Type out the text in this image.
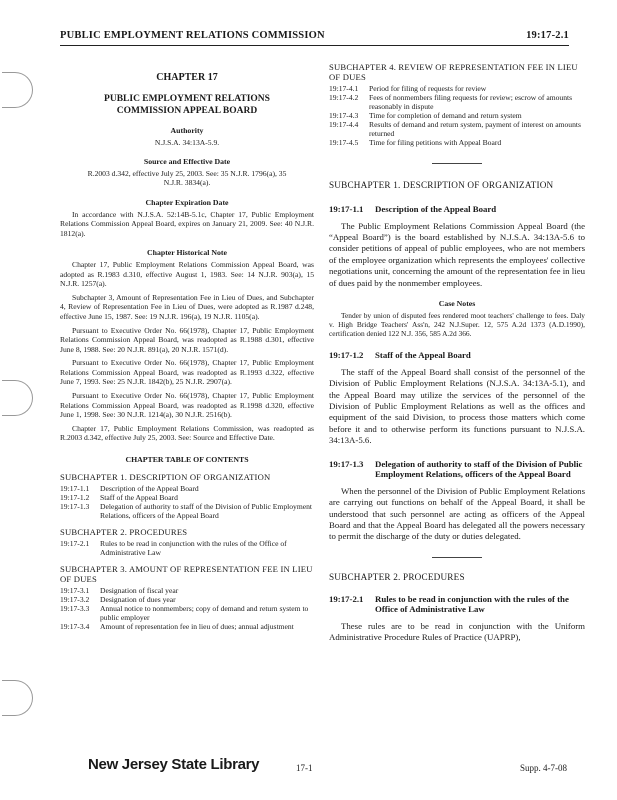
PUBLIC EMPLOYMENT RELATIONS COMMISSION	19:17-2.1
CHAPTER 17
PUBLIC EMPLOYMENT RELATIONS COMMISSION APPEAL BOARD
Authority
N.J.S.A. 34:13A-5.9.
Source and Effective Date
R.2003 d.342, effective July 25, 2003. See: 35 N.J.R. 1796(a), 35 N.J.R. 3834(a).
Chapter Expiration Date

In accordance with N.J.S.A. 52:14B-5.1c, Chapter 17, Public Employment Relations Commission Appeal Board, expires on January 21, 2009. See: 40 N.J.R. 1812(a).

Chapter Historical Note

Chapter 17, Public Employment Relations Commission Appeal Board, was adopted as R.1983 d.310, effective August 1, 1983. See: 14 N.J.R. 903(a), 15 N.J.R. 1257(a).

Subchapter 3, Amount of Representation Fee in Lieu of Dues, and Subchapter 4, Review of Representation Fee in Lieu of Dues, were adopted as R.1987 d.248, effective June 15, 1987. See: 19 N.J.R. 196(a), 19 N.J.R. 1105(a).

Pursuant to Executive Order No. 66(1978), Chapter 17, Public Employment Relations Commission Appeal Board, was readopted as R.1988 d.301, effective June 8, 1988. See: 20 N.J.R. 891(a), 20 N.J.R. 1571(d).

Pursuant to Executive Order No. 66(1978), Chapter 17, Public Employment Relations Commission Appeal Board, was readopted as R.1993 d.322, effective June 7, 1993. See: 25 N.J.R. 1842(b), 25 N.J.R. 2907(a).

Pursuant to Executive Order No. 66(1978), Chapter 17, Public Employment Relations Commission Appeal Board, was readopted as R.1998 d.320, effective June 1, 1998. See: 30 N.J.R. 1214(a), 30 N.J.R. 2516(b).

Chapter 17, Public Employment Relations Commission, was readopted as R.2003 d.342, effective July 25, 2003. See: Source and Effective Date.

CHAPTER TABLE OF CONTENTS
SUBCHAPTER 1. DESCRIPTION OF ORGANIZATION
19:17-1.1	Description of the Appeal Board
19:17-1.2	Staff of the Appeal Board
19:17-1.3	Delegation of authority to staff of the Division of Public Employment Relations, officers of the Appeal Board
SUBCHAPTER 2. PROCEDURES
19:17-2.1	Rules to be read in conjunction with the rules of the Office of Administrative Law
SUBCHAPTER 3. AMOUNT OF REPRESENTATION FEE IN LIEU OF DUES
19:17-3.1	Designation of fiscal year
19:17-3.2	Designation of dues year
19:17-3.3	Annual notice to nonmembers; copy of demand and return system to public employer
19:17-3.4	Amount of representation fee in lieu of dues; annual adjustment
SUBCHAPTER 4. REVIEW OF REPRESENTATION FEE IN LIEU OF DUES
19:17-4.1	Period for filing of requests for review
19:17-4.2	Fees of nonmembers filing requests for review; escrow of amounts reasonably in dispute
19:17-4.3	Time for completion of demand and return system
19:17-4.4	Results of demand and return system, payment of interest on amounts returned
19:17-4.5	Time for filing petitions with Appeal Board
SUBCHAPTER 1. DESCRIPTION OF ORGANIZATION
19:17-1.1	Description of the Appeal Board

The Public Employment Relations Commission Appeal Board (the “Appeal Board”) is the board established by N.J.S.A. 34:13A-5.6 to consider petitions of appeal of public employees, who are not members of the employee organization which represents the employees' collective negotiations unit, concerning the amount of the representation fee in lieu of dues paid by the nonmember employees.

Case Notes

Tender by union of disputed fees rendered moot teachers' challenge to fees. Daly v. High Bridge Teachers' Ass'n, 242 N.J.Super. 12, 575 A.2d 1373 (A.D.1990), certification denied 122 N.J. 356, 585 A.2d 366.

19:17-1.2	Staff of the Appeal Board

The staff of the Appeal Board shall consist of the personnel of the Division of Public Employment Relations (N.J.S.A. 34:13A-5.1), and the Appeal Board may utilize the services of the personnel of the Division of Public Employment Relations as well as the offices and equipment of the said Division, to process those matters which come before it and to otherwise perform its functions pursuant to N.J.S.A. 34:13A-5.6.

19:17-1.3	Delegation of authority to staff of the Division of Public Employment Relations, officers of the Appeal Board

When the personnel of the Division of Public Employment Relations are carrying out functions on behalf of the Appeal Board, it shall be understood that such personnel are acting as officers of the Appeal Board and that the Appeal Board has delegated all the powers necessary to permit the discharge of the duty or duties delegated.

SUBCHAPTER 2. PROCEDURES
19:17-2.1	Rules to be read in conjunction with the rules of the Office of Administrative Law

These rules are to be read in conjunction with the Uniform Administrative Procedure Rules of Practice (UAPRP),

New Jersey State Library	17-1	Supp. 4-7-08
